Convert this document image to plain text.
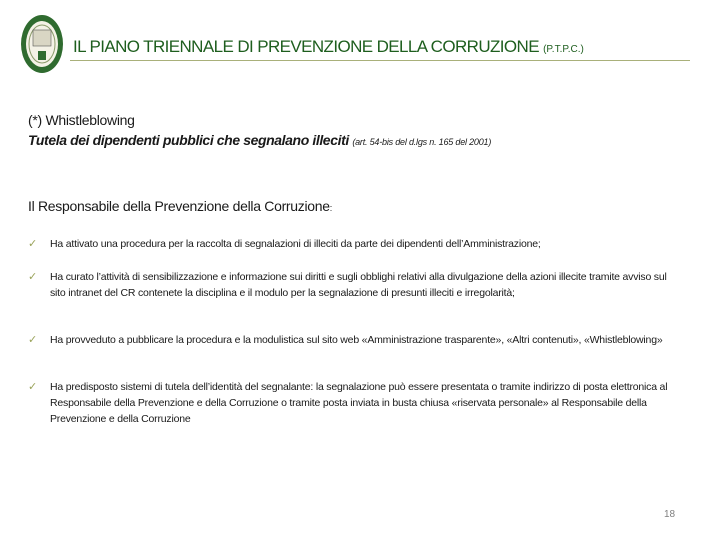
IL PIANO TRIENNALE DI PREVENZIONE DELLA CORRUZIONE (P.T.P.C.)
(*) Whistleblowing
Tutela dei dipendenti pubblici che segnalano illeciti (art. 54-bis del d.lgs n. 165 del 2001)
Il Responsabile della Prevenzione della Corruzione:
✓ Ha attivato una procedura per la raccolta di segnalazioni di illeciti da parte dei dipendenti dell’Amministrazione;
✓ Ha curato l’attività di sensibilizzazione e informazione sui diritti e sugli obblighi relativi alla divulgazione della azioni illecite tramite avviso sul sito intranet del CR contenete la disciplina e il modulo per la segnalazione di presunti illeciti e irregolarità;
✓ Ha provveduto a pubblicare la procedura e la modulistica sul sito web «Amministrazione trasparente», «Altri contenuti», «Whistleblowing»
✓ Ha predisposto sistemi di tutela dell’identità del segnalante: la segnalazione può essere presentata o tramite indirizzo di posta elettronica al Responsabile della Prevenzione e della Corruzione o tramite posta inviata in busta chiusa «riservata personale» al Responsabile della Prevenzione e della Corruzione
18
